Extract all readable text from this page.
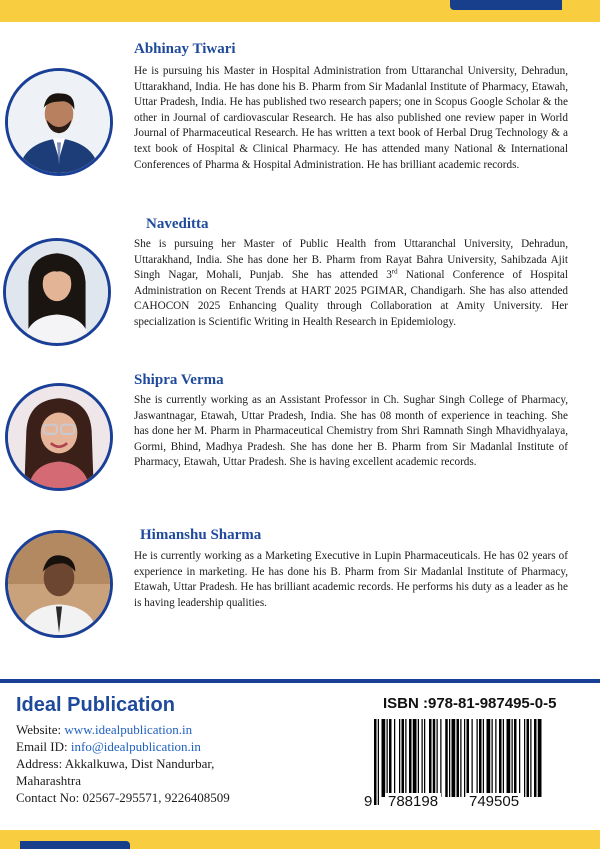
Abhinay Tiwari

He is pursuing his Master in Hospital Administration from Uttaranchal University, Dehradun, Uttarakhand, India. He has done his B. Pharm from Sir Madanlal Institute of Pharmacy, Etawah, Uttar Pradesh, India. He has published two research papers; one in Scopus Google Scholar & the other in Journal of cardiovascular Research. He has also published one review paper in World Journal of Pharmaceutical Research. He has written a text book of Herbal Drug Technology & a text book of Hospital & Clinical Pharmacy. He has attended many National & International Conferences of Pharma & Hospital Administration. He has brilliant academic records.

Naveditta

She is pursuing her Master of Public Health from Uttaranchal University, Dehradun, Uttarakhand, India. She has done her B. Pharm from Rayat Bahra University, Sahibzada Ajit Singh Nagar, Mohali, Punjab. She has attended 3rd National Conference of Hospital Administration on Recent Trends at HART 2025 PGIMAR, Chandigarh. She has also attended CAHOCON 2025 Enhancing Quality through Collaboration at Amity University. Her specialization is Scientific Writing in Health Research in Epidemiology.

Shipra Verma

She is currently working as an Assistant Professor in Ch. Sughar Singh College of Pharmacy, Jaswantnagar, Etawah, Uttar Pradesh, India. She has 08 month of experience in teaching. She has done her M. Pharm in Pharmaceutical Chemistry from Shri Ramnath Singh Mhavidhyalaya, Gormi, Bhind, Madhya Pradesh. She has done her B. Pharm from Sir Madanlal Institute of Pharmacy, Etawah, Uttar Pradesh. She is having excellent academic records.

Himanshu Sharma

He is currently working as a Marketing Executive in Lupin Pharmaceuticals. He has 02 years of experience in marketing. He has done his B. Pharm from Sir Madanlal Institute of Pharmacy, Etawah, Uttar Pradesh. He has brilliant academic records. He performs his duty as a leader as he is having leadership qualities.

Ideal Publication

Website: www.idealpublication.in

Email ID: info@idealpublication.in

Address: Akkalkuwa, Dist Nandurbar,

Maharashtra

Contact No: 02567-295571, 9226408509

ISBN :978-81-987495-0-5

9 788198 749505
